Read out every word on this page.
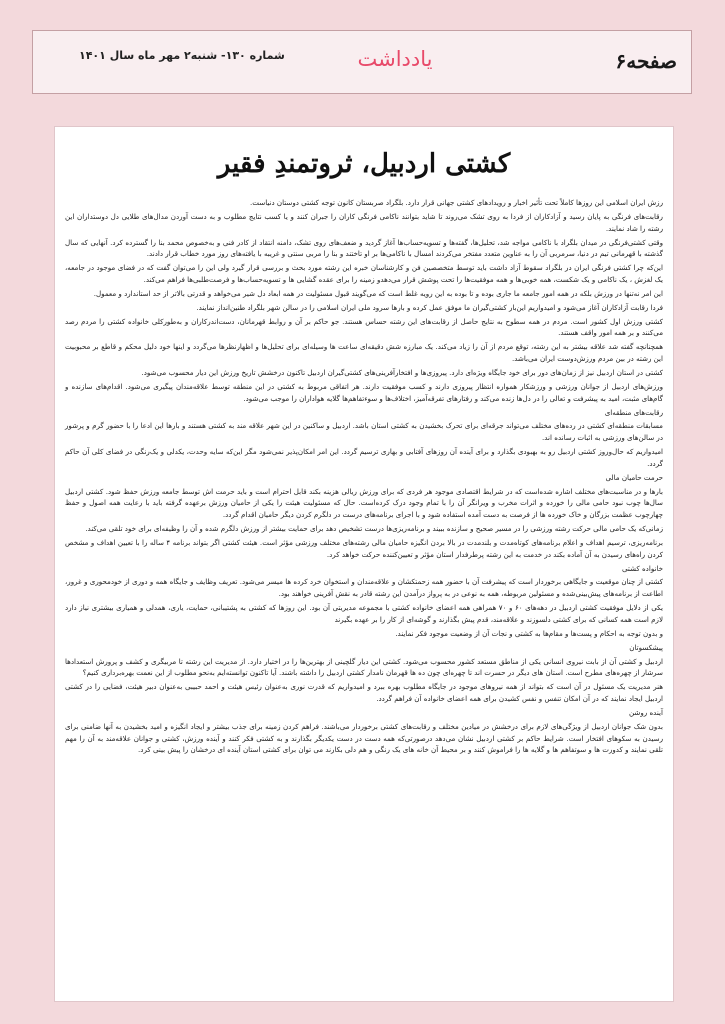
صفحه۶
یادداشت
شماره ۱۳۰- شنبه۲ مهر ماه سال ۱۴۰۱
کشتی اردبیل، ثروتمندِ فقیر

رزش ایران اسلامی این روزها کاملاً تحت تأثیر اخبار و رویدادهای کشتی جهانی قرار دارد. بلگراد صربستان کانون توجه کشتی دوستان دنیاست.

رقابت‌های فرنگی به پایان رسید و آزادکاران از فردا به روی تشک می‌روند تا شاید بتوانند ناکامی فرنگی کاران را جبران کنند و یا کسب نتایج مطلوب و به دست آوردن مدال‌های طلایی دل دوستداران این رشته را شاد نمایند.

وقتی کشتی‌فرنگی در میدان بلگراد با ناکامی مواجه شد، تحلیل‌ها، گفته‌ها و تسویه‌حساب‌ها آغاز گردید و ضعف‌های روی تشک، دامنه انتقاد از کادر فنی و به‌خصوص محمد بنا را گسترده کرد. آنهایی که سال گذشته با قهرمانی تیم در دنیا، سرمربی آن را به عناوین متعدد مفتخر می‌کردند امسال با ناکامی‌ها بر او تاختند و بنا را مربی سنتی و غریبه با یافته‌های روز مورد خطاب قرار دادند.

این‌که چرا کشتی فرنگی ایران در بلگراد سقوط آزاد داشت باید توسط متخصصین فن و کارشناسان خبره این رشته مورد بحث و بررسی قرار گیرد ولی این را می‌توان گفت که در فضای موجود در جامعه، یک لغزش ، یک ناکامی و یک شکست، همه خوبی‌ها و همه موفقیت‌ها را تحت پوشش قرار می‌دهدو زمینه را برای عقده گشایی ها و تسویه‌حساب‌ها و فرصت‌طلبی‌ها فراهم می‌کند.

این امر نه‌تنها در ورزش بلکه در همه امور جامعه ما جاری بوده و تا بوده به این رویه غلط است که می‌گویند قبول مسئولیت در همه ابعاد دل شیر می‌خواهد و قدرتی بالاتر از حد استاندارد و معمول.

فردا رقابت آزادکاران آغاز می‌شود و امیدواریم این‌بار کشتی‌گیران ما موفق عمل کرده و بارها سرود ملی ایران اسلامی را در سالن شهر بلگراد طنین‌انداز نمایند.

کشتی ورزش اول کشور است. مردم در همه سطوح به نتایج حاصل از رقابت‌های این رشته حساس هستند. جو حاکم بر آن و روابط قهرمانان، دست‌اندرکاران و به‌طورکلی خانواده کشتی را مردم رصد می‌کنند و بر همه امور واقف هستند.

همچنانچه گفته شد علاقه بیشتر به این رشته، توقع مردم از آن را زیاد می‌کند. یک مبارزه شش دقیقه‌ای ساعت ها وسیله‌ای برای تحلیل‌ها و اظهارنظرها می‌گردد و اینها خود دلیل محکم و قاطع بر محبوبیت این رشته در بین مردم ورزش‌دوست ایران می‌باشد.

کشتی در استان اردبیل نیز از زمان‌های دور برای خود جایگاه ویژه‌ای دارد. پیروزی‌ها و افتخارآفرینی‌های کشتی‌گیران اردبیل تاکنون درخشش تاریخ ورزش این دیار محسوب می‌شود.

ورزش‌های اردبیل از جوانان ورزشی و ورزشکار همواره انتظار پیروزی دارند و کسب موفقیت دارند. هر اتفاقی مربوط به کشتی در این منطقه توسط علاقه‌مندان پیگیری می‌شود. اقدام‌های سازنده و گام‌های مثبت، امید به پیشرفت و تعالی را در دل‌ها زنده می‌کند و رفتارهای تفرقه‌آمیز، اختلاف‌ها و سوء‌تفاهم‌ها گلایه هواداران را موجب می‌شود.

رقابت‌های منطقه‌ای

مسابقات منطقه‌ای کشتی در رده‌های مختلف می‌تواند جرقه‌ای برای تحرک بخشیدن به کشتی استان باشد. اردبیل و ساکنین در این شهر علاقه مند به کشتی هستند و بارها این ادعا را با حضور گرم و پرشور در سالن‌های ورزشی به اثبات رسانده اند.

امیدواریم که حال‌وروز کشتی اردبیل رو به بهبودی بگذارد و برای آینده آن روزهای آفتابی و بهاری ترسیم گردد. این امر امکان‌پذیر نمی‌شود مگر این‌که سایه وحدت، یکدلی و یک‌رنگی در فضای کلی آن حاکم گردد.

حرمت حامیان مالی

بارها و در مناسبت‌های مختلف اشاره شده‌است که در شرایط اقتصادی موجود هر فردی که برای ورزش ریالی هزینه بکند قابل احترام است و باید حرمت اش توسط جامعه ورزش حفظ شود. کشتی اردبیل سال‌ها چوب نبود حامی مالی را خورده و اثرات مخرب و ویرانگر آن را با تمام وجود درک کرده‌است. حال که مسئولیت هیئت را یکی از حامیان ورزش برعهده گرفته باید با رعایت همه اصول و حفظ چهارچوب عظمت بزرگان و خاک خورده ها از فرصت به دست آمده استفاده شود و با اجرای برنامه‌های درست در دلگرم کردن دیگر حامیان اقدام گردد.

زمانی‌که یک حامی مالی حرکت رشته ورزشی را در مسیر صحیح و سازنده ببیند و برنامه‌ریزی‌ها درست تشخیص دهد برای حمایت بیشتر از ورزش دلگرم شده و آن را وظیفه‌ای برای خود تلقی می‌کند.

برنامه‌ریزی، ترسیم اهداف و اعلام برنامه‌های کوتاه‌مدت و بلندمدت در بالا بردن انگیزه حامیان مالی رشته‌های مختلف ورزشی مؤثر است. هیئت کشتی اگر بتواند برنامه ۴ ساله را با تعیین اهداف و مشخص کردن راه‌های رسیدن به آن آماده بکند در خدمت به این رشته پرطرفدار استان مؤثر و تعیین‌کننده حرکت خواهد کرد.

خانواده کشتی

کشتی از چنان موقعیت و جایگاهی برخوردار است که پیشرفت آن با حضور همه زحمتکشان و علاقه‌مندان و استخوان خرد کرده ها میسر می‌شود. تعریف وظایف و جایگاه همه و دوری از خودمحوری و غرور، اطاعت از برنامه‌های پیش‌بینی‌شده و مسئولین مربوطه، همه به نوعی در به پرواز درآمدن این رشته قادر به نقش آفرینی خواهند بود.

یکی از دلایل موفقیت کشتی اردبیل در دهه‌های ۶۰ و ۷۰ همراهی همه اعضای خانواده کشتی با مجموعه مدیریتی آن بود. این روزها که کشتی به پشتیبانی، حمایت، یاری، همدلی و همیاری بیشتری نیاز دارد لازم است همه کسانی که برای کشتی دلسوزند و علاقه‌مند، قدم پیش بگذارند و گوشه‌ای از کار را بر عهده بگیرند

و بدون توجه به احکام و پست‌ها و مقام‌ها به کشتی و نجات آن از وضعیت موجود فکر نمایند.

پیشکسوتان

اردبیل و کشتی آن از بابت نیروی انسانی یکی از مناطق مستعد کشور محسوب می‌شود. کشتی این دیار گلچینی از بهترین‌ها را در اختیار دارد. از مدیریت این رشته تا مربیگری و کشف و پرورش استعدادها سرشار از چهره‌های مطرح است. استان های دیگر در حسرت اند تا چهره‌ای چون ده ها قهرمان نامدار کشتی اردبیل را داشته باشند. آیا تاکنون توانسته‌ایم به‌نحو مطلوب از این نعمت بهره‌برداری کنیم؟

هنر مدیریت یک مسئول در آن است که بتواند از همه نیروهای موجود در جایگاه مطلوب بهره ببرد و امیدواریم که قدرت نوری به‌عنوان رئیس هیئت و احمد حبیبی به‌عنوان دبیر هیئت، فضایی را در کشتی اردبیل ایجاد نمایند که در آن امکان تنفس و نفس کشیدن برای همه اعضای خانواده آن فراهم گردد.

آینده روشن

بدون شک جوانان اردبیل از ویژگی‌های لازم برای درخشش در میادین مختلف و رقابت‌های کشتی برخوردار می‌باشند. فراهم کردن زمینه برای جذب بیشتر و ایجاد انگیزه و امید بخشیدن به آنها ضامنی برای رسیدن به سکوهای افتخار است. شرایط حاکم بر کشتی اردبیل نشان می‌دهد درصورتی‌که همه دست در دست یکدیگر بگذارند و به کشتی فکر کنند و آینده ورزش، کشتی و جوانان علاقه‌مند به آن را مهم تلقی نمایند و کدورت ها و سوتفاهم ها و گلایه ها را فراموش کنند و بر محیط آن خانه های یک رنگی و هم دلی بکارند می توان برای کشتی استان آینده ای درخشان را پیش بینی کرد.
